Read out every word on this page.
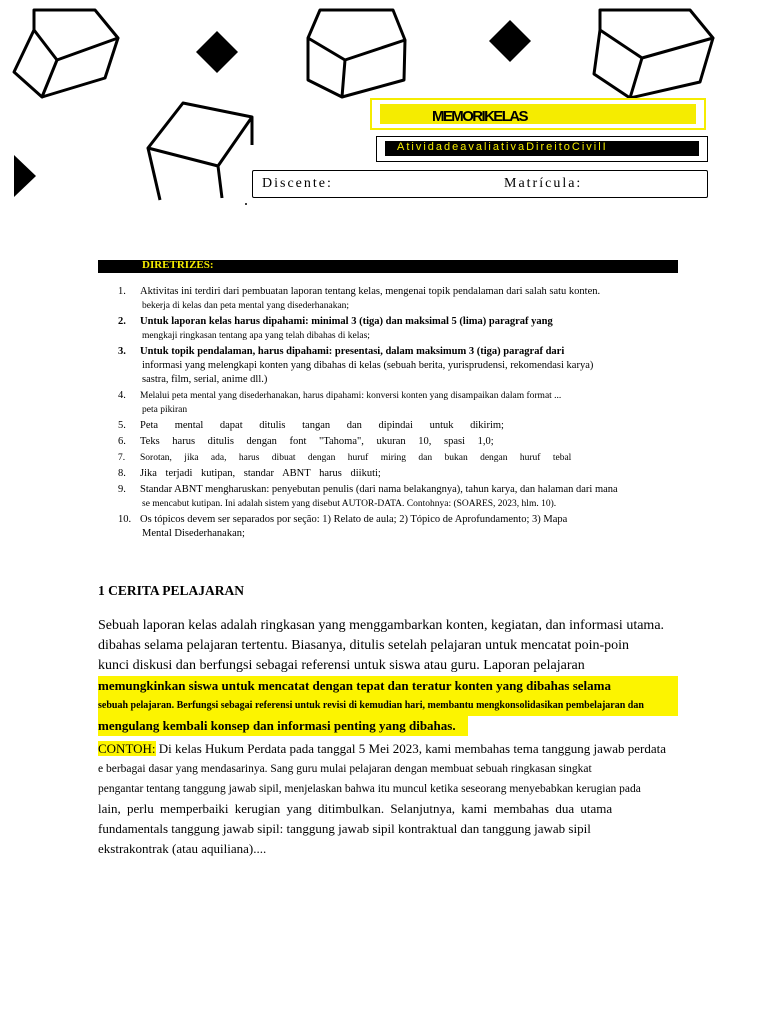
MEMORIKELAS
AtividadeavaliativaDireitoCivilI
Discente:	Matrícula:
DIRETRIZES:
1. Aktivitas ini terdiri dari pembuatan laporan tentang kelas, mengenai topik pendalaman dari salah satu konten.
bekerja di kelas dan peta mental yang disederhanakan;
2. Untuk laporan kelas harus dipahami: minimal 3 (tiga) dan maksimal 5 (lima) paragraf yang
mengkaji ringkasan tentang apa yang telah dibahas di kelas;
3. Untuk topik pendalaman, harus dipahami: presentasi, dalam maksimum 3 (tiga) paragraf dari
informasi yang melengkapi konten yang dibahas di kelas (sebuah berita, yurisprudensi, rekomendasi karya)
sastra, film, serial, anime dll.)
4. Melalui peta mental yang disederhanakan, harus dipahami: konversi konten yang disampaikan dalam format ...
peta pikiran
5. Peta mental dapat ditulis tangan dan dipindai untuk dikirim;
6. Teks harus ditulis dengan font "Tahoma", ukuran 10, spasi 1,0;
7. Sorotan, jika ada, harus dibuat dengan huruf miring dan bukan dengan huruf tebal
8. Jika terjadi kutipan, standar ABNT harus diikuti;
9. Standar ABNT mengharuskan: penyebutan penulis (dari nama belakangnya), tahun karya, dan halaman dari mana
se mencabut kutipan. Ini adalah sistem yang disebut AUTOR-DATA. Contohnya: (SOARES, 2023, hlm. 10).
10. Os tópicos devem ser separados por seção: 1) Relato de aula; 2) Tópico de Aprofundamento; 3) Mapa
Mental Disederhanakan;
1 CERITA PELAJARAN
Sebuah laporan kelas adalah ringkasan yang menggambarkan konten, kegiatan, dan informasi utama.
dibahas selama pelajaran tertentu. Biasanya, ditulis setelah pelajaran untuk mencatat poin-poin
kunci diskusi dan berfungsi sebagai referensi untuk siswa atau guru. Laporan pelajaran
memungkinkan siswa untuk mencatat dengan tepat dan teratur konten yang dibahas selama
sebuah pelajaran. Berfungsi sebagai referensi untuk revisi di kemudian hari, membantu mengkonsolidasikan pembelajaran dan
mengulang kembali konsep dan informasi penting yang dibahas.
CONTOH: Di kelas Hukum Perdata pada tanggal 5 Mei 2023, kami membahas tema tanggung jawab perdata
e berbagai dasar yang mendasarinya. Sang guru mulai pelajaran dengan membuat sebuah ringkasan singkat
pengantar tentang tanggung jawab sipil, menjelaskan bahwa itu muncul ketika seseorang menyebabkan kerugian pada
lain, perlu memperbaiki kerugian yang ditimbulkan. Selanjutnya, kami membahas dua utama
fundamentals tanggung jawab sipil: tanggung jawab sipil kontraktual dan tanggung jawab sipil
ekstrakontrak (atau aquiliana)....
